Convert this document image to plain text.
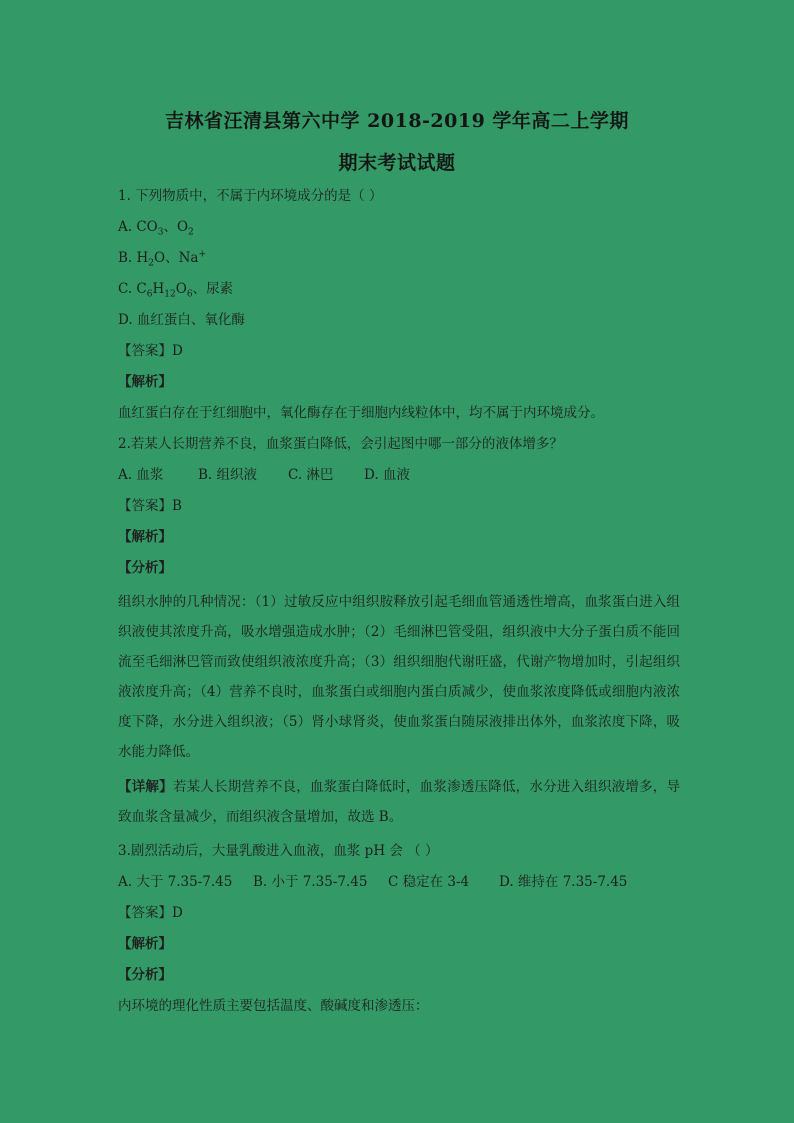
吉林省汪清县第六中学 2018-2019 学年高二上学期
期末考试试题
1. 下列物质中，不属于内环境成分的是（ ）
A. $CO_3$、$O_2$
B. $H_2O$、Na+
C. $C_6H_{12}O_6$、尿素
D. 血红蛋白、氧化酶
【答案】D
【解析】
血红蛋白存在于红细胞中，氧化酶存在于细胞内线粒体中，均不属于内环境成分。
2.若某人长期营养不良，血浆蛋白降低，会引起图中哪一部分的液体增多？
A. 血浆	B. 组织液 C. 淋巴 D. 血液
【答案】B
【解析】
【分析】
组织水肿的几种情况：（1）过敏反应中组织胺释放引起毛细血管通透性增高，血浆蛋白进入组织液使其浓度升高，吸水增强造成水肿；（2）毛细淋巴管受阻，组织液中大分子蛋白质不能回流至毛细淋巴管而致使组织液浓度升高；（3）组织细胞代谢旺盛，代谢产物增加时，引起组织液浓度升高；（4）营养不良时，血浆蛋白或细胞内蛋白质减少，使血浆浓度降低或细胞内液浓度下降，水分进入组织液；（5）肾小球肾炎，使血浆蛋白随尿液排出体外，血浆浓度下降，吸水能力降低。
【详解】若某人长期营养不良，血浆蛋白降低时，血浆渗透压降低，水分进入组织液增多，导致血浆含量减少，而组织液含量增加，故选 B。
3.剧烈活动后，大量乳酸进入血液，血浆 pH 会 （ ）
A. 大于 7.35-7.45 B. 小于 7.35-7.45 C 稳定在 3-4 D. 维持在 7.35-7.45
【答案】D
【解析】
【分析】
内环境的理化性质主要包括温度、酸碱度和渗透压：
